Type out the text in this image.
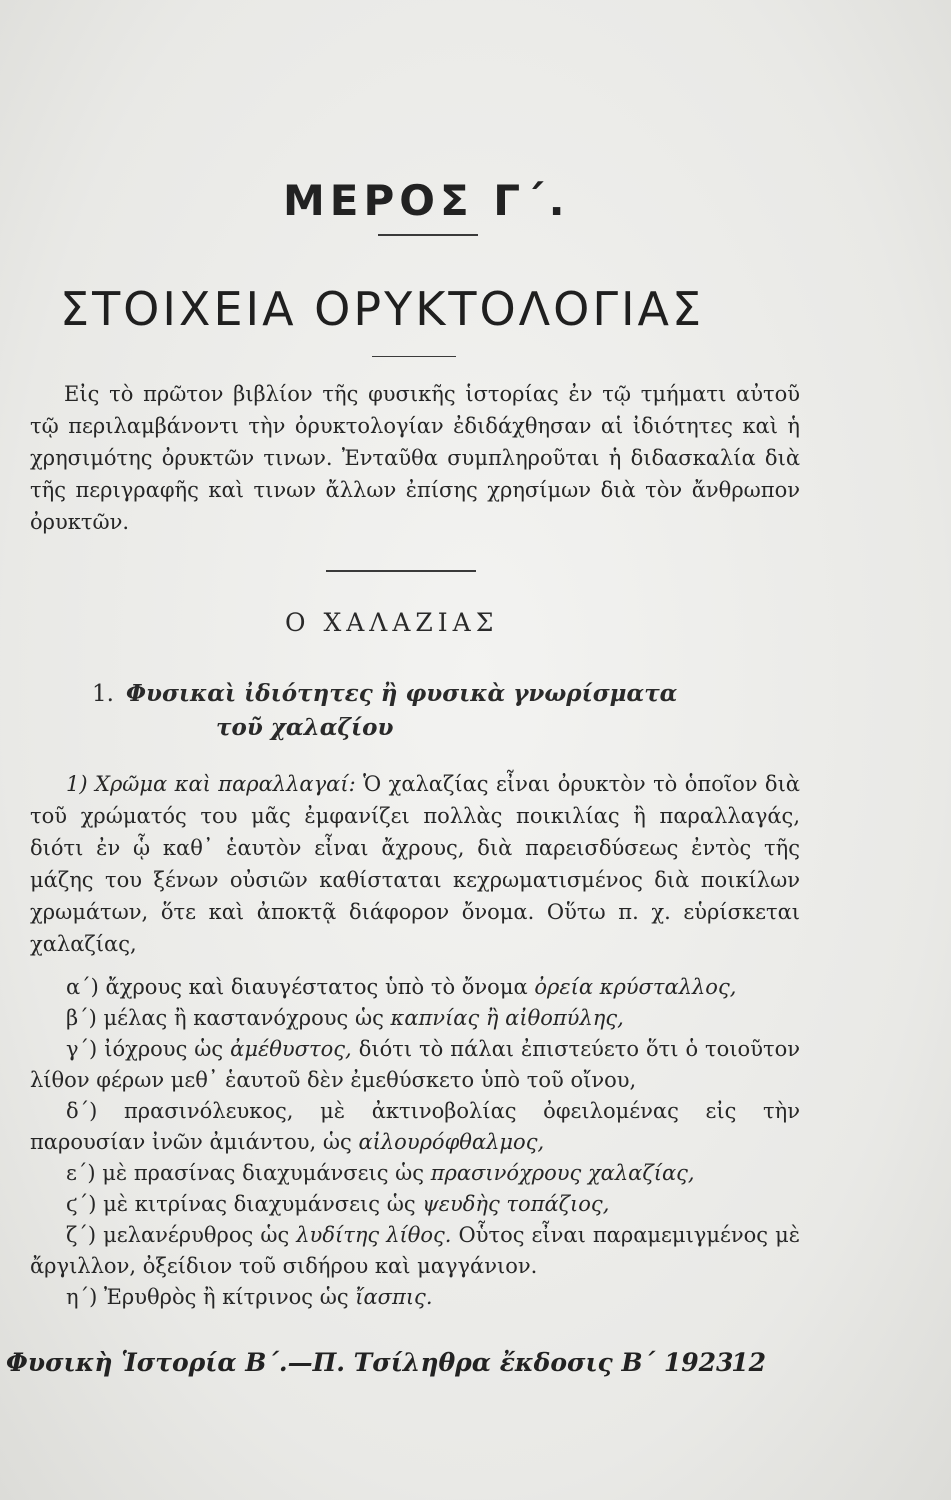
ΜΕΡΟΣ Γ΄.
ΣΤΟΙΧΕΙΑ ΟΡΥΚΤΟΛΟΓΙΑΣ

Εἰς τὸ πρῶτον βιβλίον τῆς φυσικῆς ἱστορίας ἐν τῷ τμήματι αὐτοῦ τῷ περιλαμβάνοντι τὴν ὀρυκτολογίαν ἐδιδάχθησαν αἱ ἰδιότητες καὶ ἡ χρησιμότης ὀρυκτῶν τινων. Ἐνταῦθα συμπληροῦται ἡ διδασκαλία διὰ τῆς περιγραφῆς καὶ τινων ἄλλων ἐπίσης χρησίμων διὰ τὸν ἄνθρωπον ὀρυκτῶν.

Ο ΧΑΛΑΖΙΑΣ
1. Φυσικαὶ ἰδιότητες ἢ φυσικὰ γνωρίσματα
τοῦ χαλαζίου

1) Χρῶμα καὶ παραλλαγαί: Ὁ χαλαζίας εἶναι ὀρυκτὸν τὸ ὁποῖον διὰ τοῦ χρώματός του μᾶς ἐμφανίζει πολλὰς ποικιλίας ἢ παραλλαγάς, διότι ἐν ᾧ καθ᾽ ἑαυτὸν εἶναι ἄχρους, διὰ παρεισδύσεως ἐντὸς τῆς μάζης του ξένων οὐσιῶν καθίσταται κεχρωματισμένος διὰ ποικίλων χρωμάτων, ὅτε καὶ ἀποκτᾷ διάφορον ὄνομα. Οὕτω π. χ. εὑρίσκεται χαλαζίας,

α΄) ἄχρους καὶ διαυγέστατος ὑπὸ τὸ ὄνομα ὀρεία κρύσταλλος,

β΄) μέλας ἢ καστανόχρους ὡς καπνίας ἢ αἰθοπύλης,

γ΄) ἰόχρους ὡς ἀμέθυστος, διότι τὸ πάλαι ἐπιστεύετο ὅτι ὁ τοιοῦτον λίθον φέρων μεθ᾽ ἑαυτοῦ δὲν ἐμεθύσκετο ὑπὸ τοῦ οἴνου,

δ΄) πρασινόλευκος, μὲ ἀκτινοβολίας ὀφειλομένας εἰς τὴν παρουσίαν ἰνῶν ἀμιάντου, ὡς αἰλουρόφθαλμος,

ε΄) μὲ πρασίνας διαχυμάνσεις ὡς πρασινόχρους χαλαζίας,

ϛ΄) μὲ κιτρίνας διαχυμάνσεις ὡς ψευδὴς τοπάζιος,

ζ΄) μελανέρυθρος ὡς λυδίτης λίθος. Οὗτος εἶναι παραμεμιγμένος μὲ ἄργιλλον, ὀξείδιον τοῦ σιδήρου καὶ μαγγάνιον.

η΄) Ἐρυθρὸς ἢ κίτρινος ὡς ἴασπις.

Φυσικὴ Ἱστορία Β΄.—Π. Τσίληθρα ἔκδοσις Β΄ 1923
12
